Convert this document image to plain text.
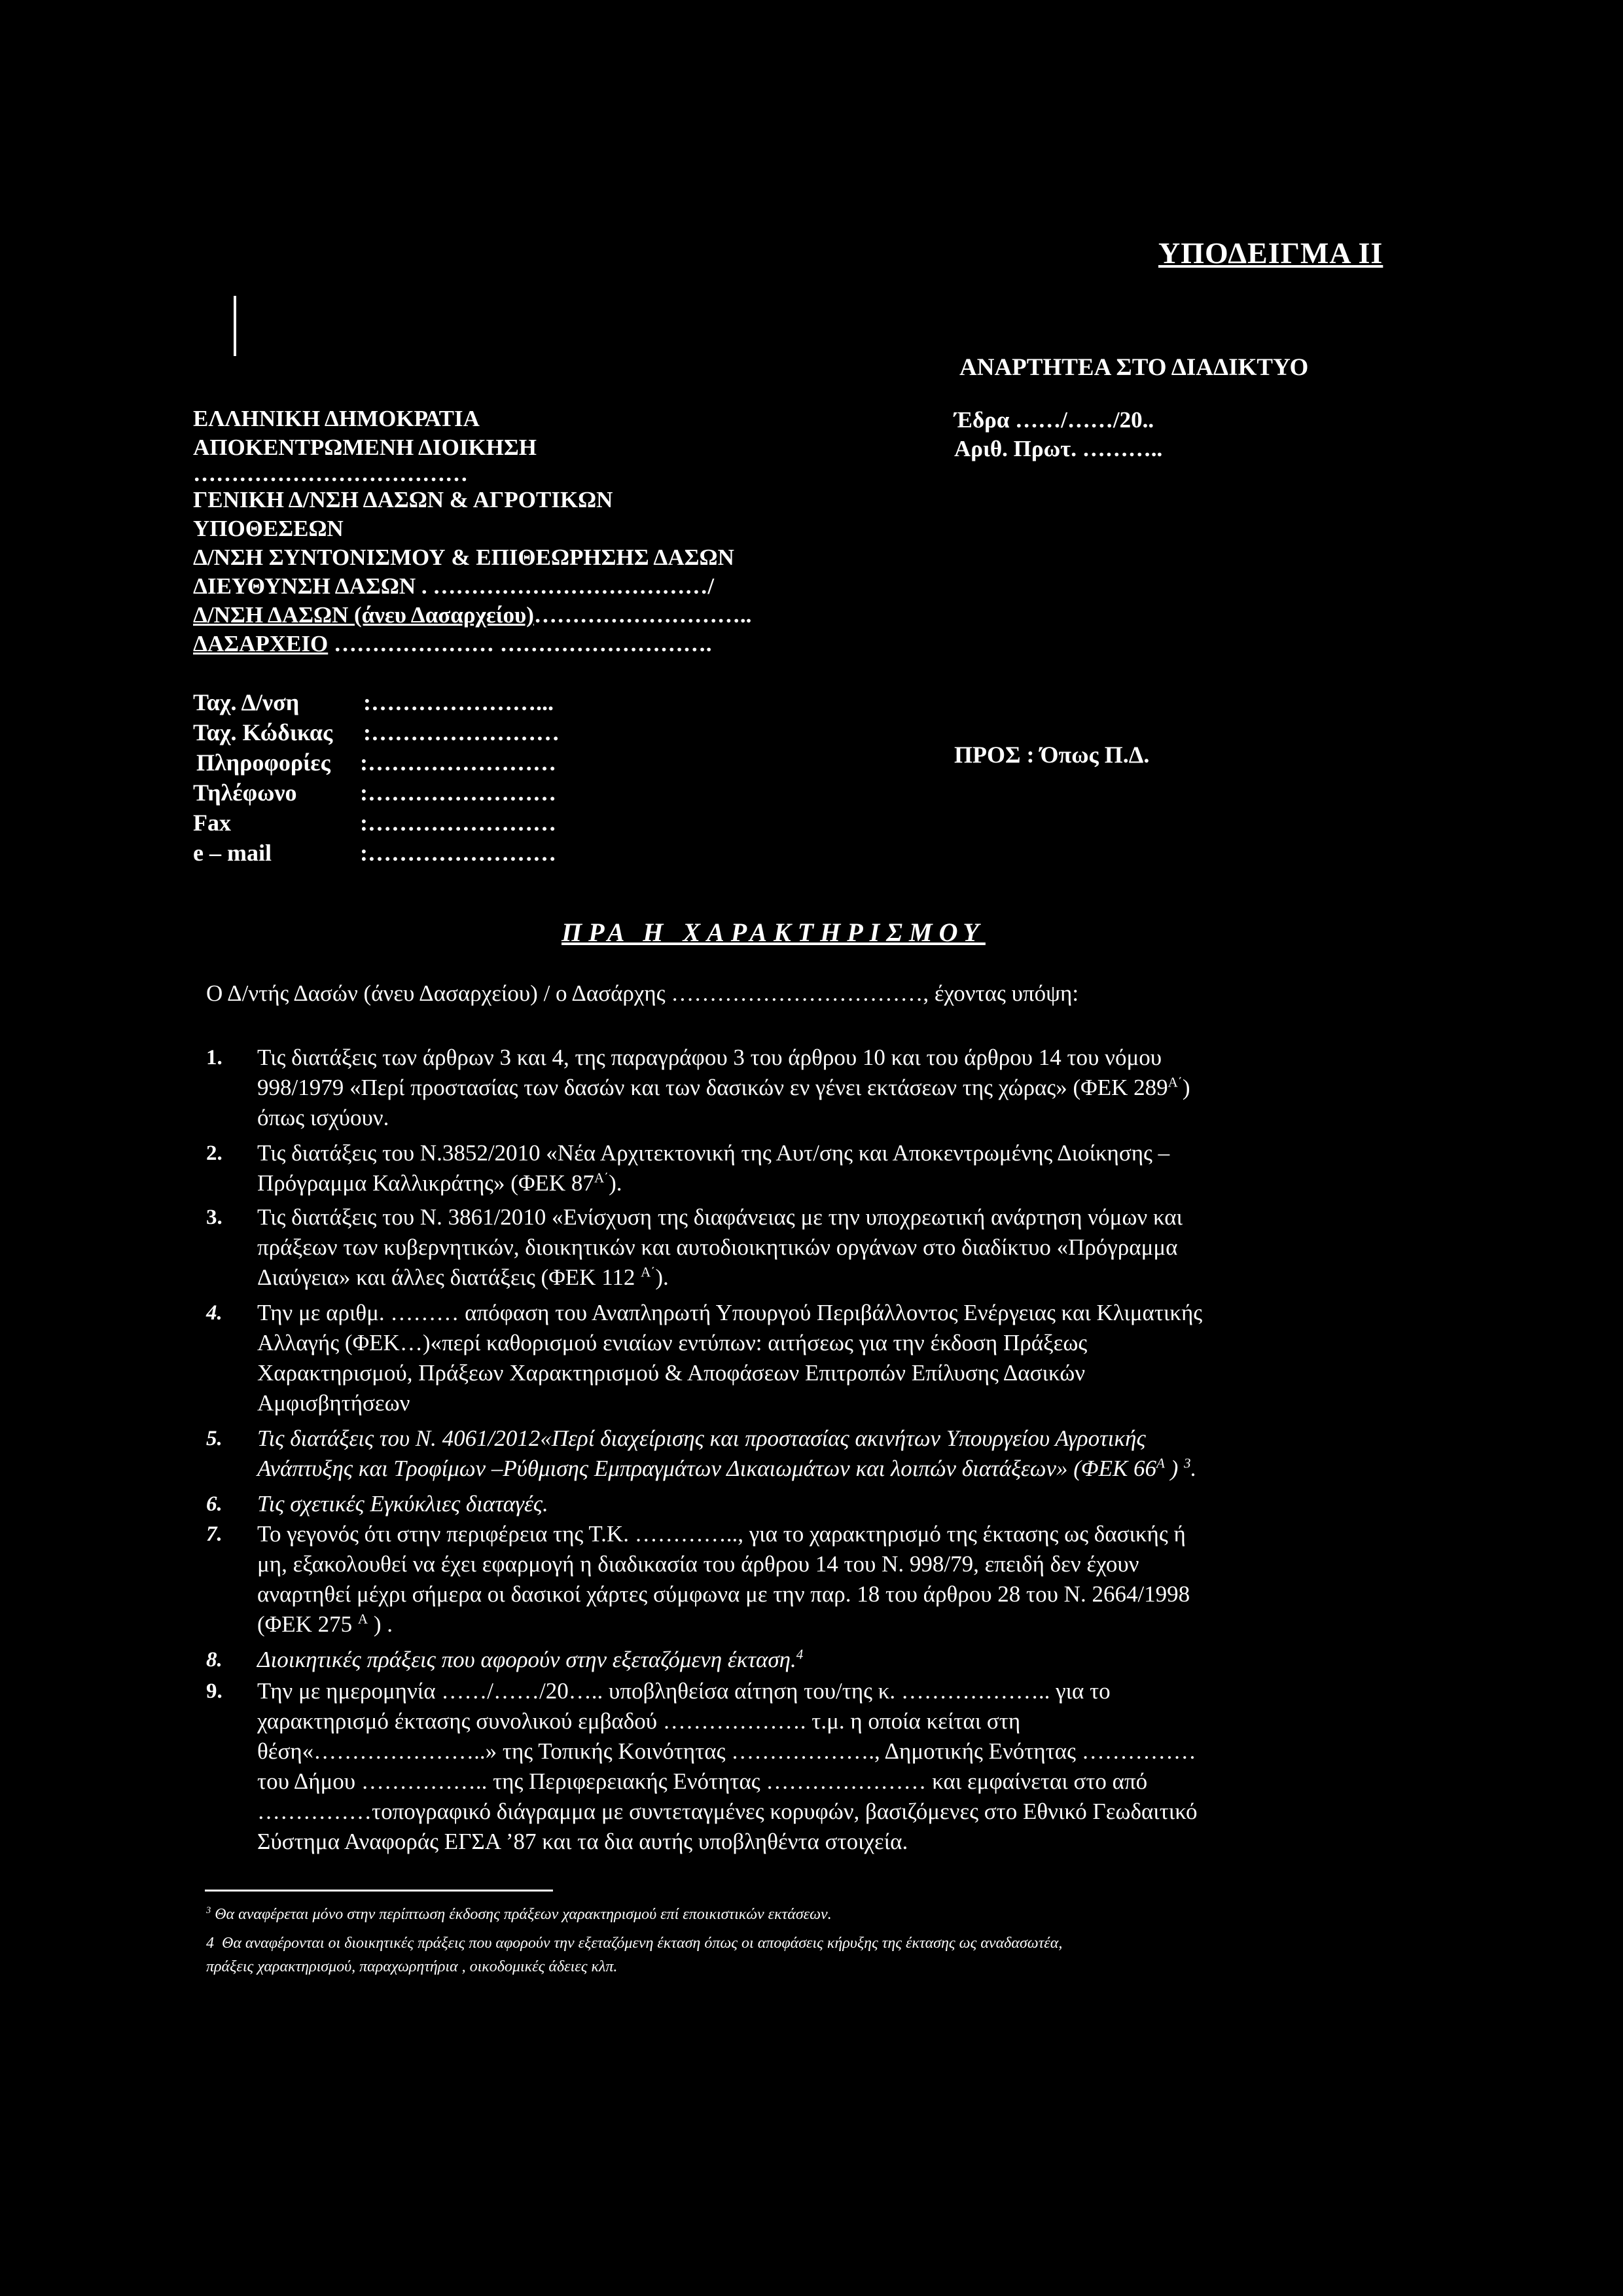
ΥΠΟΔΕΙΓΜΑ ΙΙ
ΑΝΑΡΤΗΤΕΑ ΣΤΟ ΔΙΑΔΙΚΤΥΟ
ΕΛΛΗΝΙΚΗ ΔΗΜΟΚΡΑΤΙΑ
ΑΠΟΚΕΝΤΡΩΜΕΝΗ ΔΙΟΙΚΗΣΗ
………………………………
ΓΕΝΙΚΗ Δ/ΝΣΗ ΔΑΣΩΝ & ΑΓΡΟΤΙΚΩΝ
ΥΠΟΘΕΣΕΩΝ
Δ/ΝΣΗ ΣΥΝΤΟΝΙΣΜΟΥ & ΕΠΙΘΕΩΡΗΣΗΣ ΔΑΣΩΝ
ΔΙΕΥΘΥΝΣΗ ΔΑΣΩΝ . ………………………………/
Δ/ΝΣΗ ΔΑΣΩΝ (άνευ Δασαρχείου)………………………..
ΔΑΣΑΡΧΕΙΟ ………………… ……………………….
Έδρα ……/……/20..
Αριθ. Πρωτ. ………..
Ταχ. Δ/νση	:…………………...
Ταχ. Κώδικας :……………………
Πληροφορίες :……………………
Τηλέφωνο	:……………………
Fax	:……………………
e – mail	:……………………
ΠΡΟΣ : Όπως Π.Δ.
ΠΡΑ Η ΧΑΡΑΚΤΗΡΙΣΜΟΥ
Ο Δ/ντής Δασών (άνευ Δασαρχείου) / ο Δασάρχης ……………………………, έχοντας υπόψη:
1. Τις διατάξεις των άρθρων 3 και 4, της παραγράφου 3 του άρθρου 10 και του άρθρου 14 του νόμου
998/1979 «Περί προστασίας των δασών και των δασικών εν γένει εκτάσεων της χώρας» (ΦΕΚ $289^{A΄}$)
όπως ισχύουν.
2. Τις διατάξεις του Ν.3852/2010 «Νέα Αρχιτεκτονική της Αυτ/σης και Αποκεντρωμένης Διοίκησης –
Πρόγραμμα Καλλικράτης» (ΦΕΚ $87^{A΄}$).
3. Τις διατάξεις του Ν. 3861/2010 «Ενίσχυση της διαφάνειας με την υποχρεωτική ανάρτηση νόμων και
πράξεων των κυβερνητικών, διοικητικών και αυτοδιοικητικών οργάνων στο διαδίκτυο «Πρόγραμμα
Διαύγεια» και άλλες διατάξεις (ΦΕΚ 112 $^{A΄}$).
4. Την με αριθμ. ……… απόφαση του Αναπληρωτή Υπουργού Περιβάλλοντος Ενέργειας και Κλιματικής
Αλλαγής (ΦΕΚ…)«περί καθορισμού ενιαίων εντύπων: αιτήσεως για την έκδοση Πράξεως
Χαρακτηρισμού, Πράξεων Χαρακτηρισμού & Αποφάσεων Επιτροπών Επίλυσης Δασικών
Αμφισβητήσεων
5. Τις διατάξεις του Ν. 4061/2012«Περί διαχείρισης και προστασίας ακινήτων Υπουργείου Αγροτικής
Ανάπτυξης και Τροφίμων –Ρύθμισης Εμπραγμάτων Δικαιωμάτων και λοιπών διατάξεων» (ΦΕΚ $66^A$ ) $^3$.
6. Τις σχετικές Εγκύκλιες διαταγές.
7. Το γεγονός ότι στην περιφέρεια της Τ.Κ. ………….., για το χαρακτηρισμό της έκτασης ως δασικής ή
μη, εξακολουθεί να έχει εφαρμογή η διαδικασία του άρθρου 14 του Ν. 998/79, επειδή δεν έχουν
αναρτηθεί μέχρι σήμερα οι δασικοί χάρτες σύμφωνα με την παρ. 18 του άρθρου 28 του Ν. 2664/1998
(ΦΕΚ 275 $^A$ ) .
8. Διοικητικές πράξεις που αφορούν στην εξεταζόμενη έκταση.$^4$
9. Την με ημερομηνία ……/……/20….. υποβληθείσα αίτηση του/της κ. ……………….. για το
χαρακτηρισμό έκτασης συνολικού εμβαδού ………………. τ.μ. η οποία κείται στη
θέση«…………………..» της Τοπικής Κοινότητας ………………., Δημοτικής Ενότητας ……………
του Δήμου …………….. της Περιφερειακής Ενότητας ………………… και εμφαίνεται στο από
……………τοπογραφικό διάγραμμα με συντεταγμένες κορυφών, βασιζόμενες στο Εθνικό Γεωδαιτικό
Σύστημα Αναφοράς ΕΓΣΑ ’87 και τα δια αυτής υποβληθέντα στοιχεία.
$^3$ Θα αναφέρεται μόνο στην περίπτωση έκδοσης πράξεων χαρακτηρισμού επί εποικιστικών εκτάσεων.
4 Θα αναφέρονται οι διοικητικές πράξεις που αφορούν την εξεταζόμενη έκταση όπως οι αποφάσεις κήρυξης της έκτασης ως αναδασωτέα,
πράξεις χαρακτηρισμού, παραχωρητήρια , οικοδομικές άδειες κλπ.
